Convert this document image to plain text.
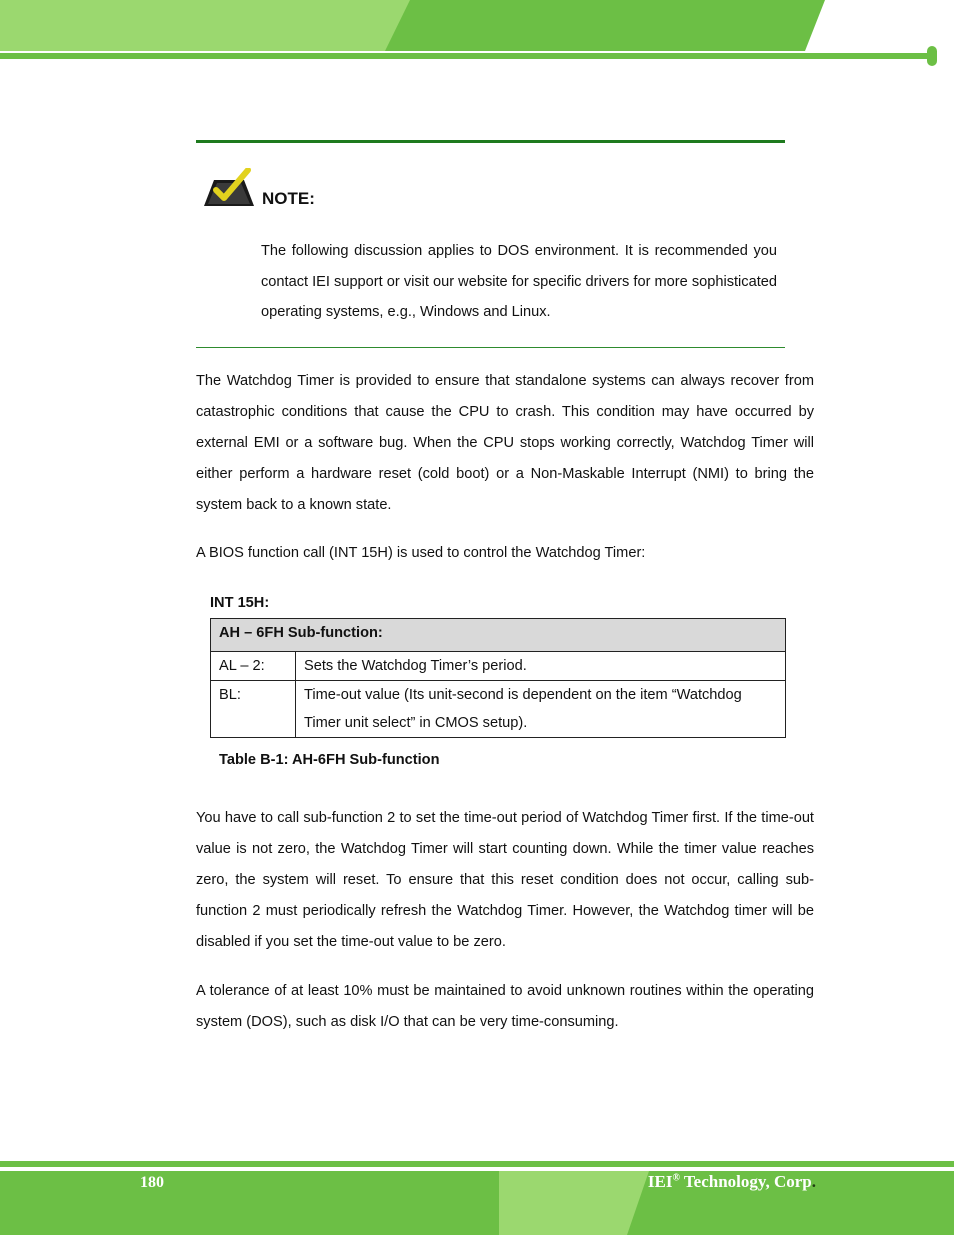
NOTE:
The following discussion applies to DOS environment. It is recommended you contact IEI support or visit our website for specific drivers for more sophisticated operating systems, e.g., Windows and Linux.
The Watchdog Timer is provided to ensure that standalone systems can always recover from catastrophic conditions that cause the CPU to crash. This condition may have occurred by external EMI or a software bug. When the CPU stops working correctly, Watchdog Timer will either perform a hardware reset (cold boot) or a Non-Maskable Interrupt (NMI) to bring the system back to a known state.
A BIOS function call (INT 15H) is used to control the Watchdog Timer:
INT 15H:
AH – 6FH Sub-function:	
AL – 2:	Sets the Watchdog Timer’s period.
BL:	Time-out value (Its unit-second is dependent on the item “Watchdog Timer unit select” in CMOS setup).
Table B-1: AH-6FH Sub-function
You have to call sub-function 2 to set the time-out period of Watchdog Timer first. If the time-out value is not zero, the Watchdog Timer will start counting down. While the timer value reaches zero, the system will reset. To ensure that this reset condition does not occur, calling sub-function 2 must periodically refresh the Watchdog Timer. However, the Watchdog timer will be disabled if you set the time-out value to be zero.
A tolerance of at least 10% must be maintained to avoid unknown routines within the operating system (DOS), such as disk I/O that can be very time-consuming.
180	IEI® Technology, Corp.
